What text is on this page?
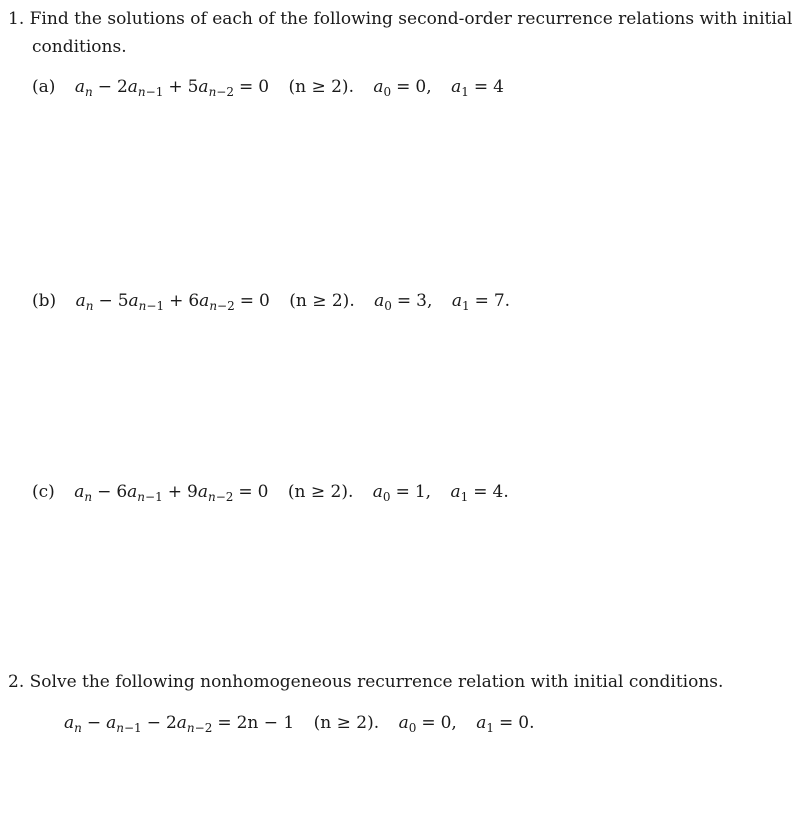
1. Find the solutions of each of the following second-order recurrence relations with initial
conditions.
(a) $a_n - 2a_{n-1} + 5a_{n-2} = 0$ (n ≥ 2). $a_0 = 0$, $a_1 = 4$
(b) $a_n - 5a_{n-1} + 6a_{n-2} = 0$ (n ≥ 2). $a_0 = 3$, $a_1 = 7$.
(c) $a_n - 6a_{n-1} + 9a_{n-2} = 0$ (n ≥ 2). $a_0 = 1$, $a_1 = 4$.
2. Solve the following nonhomogeneous recurrence relation with initial conditions.
$a_n - a_{n-1} - 2a_{n-2} = 2n - 1$ (n ≥ 2). $a_0 = 0$, $a_1 = 0$.
